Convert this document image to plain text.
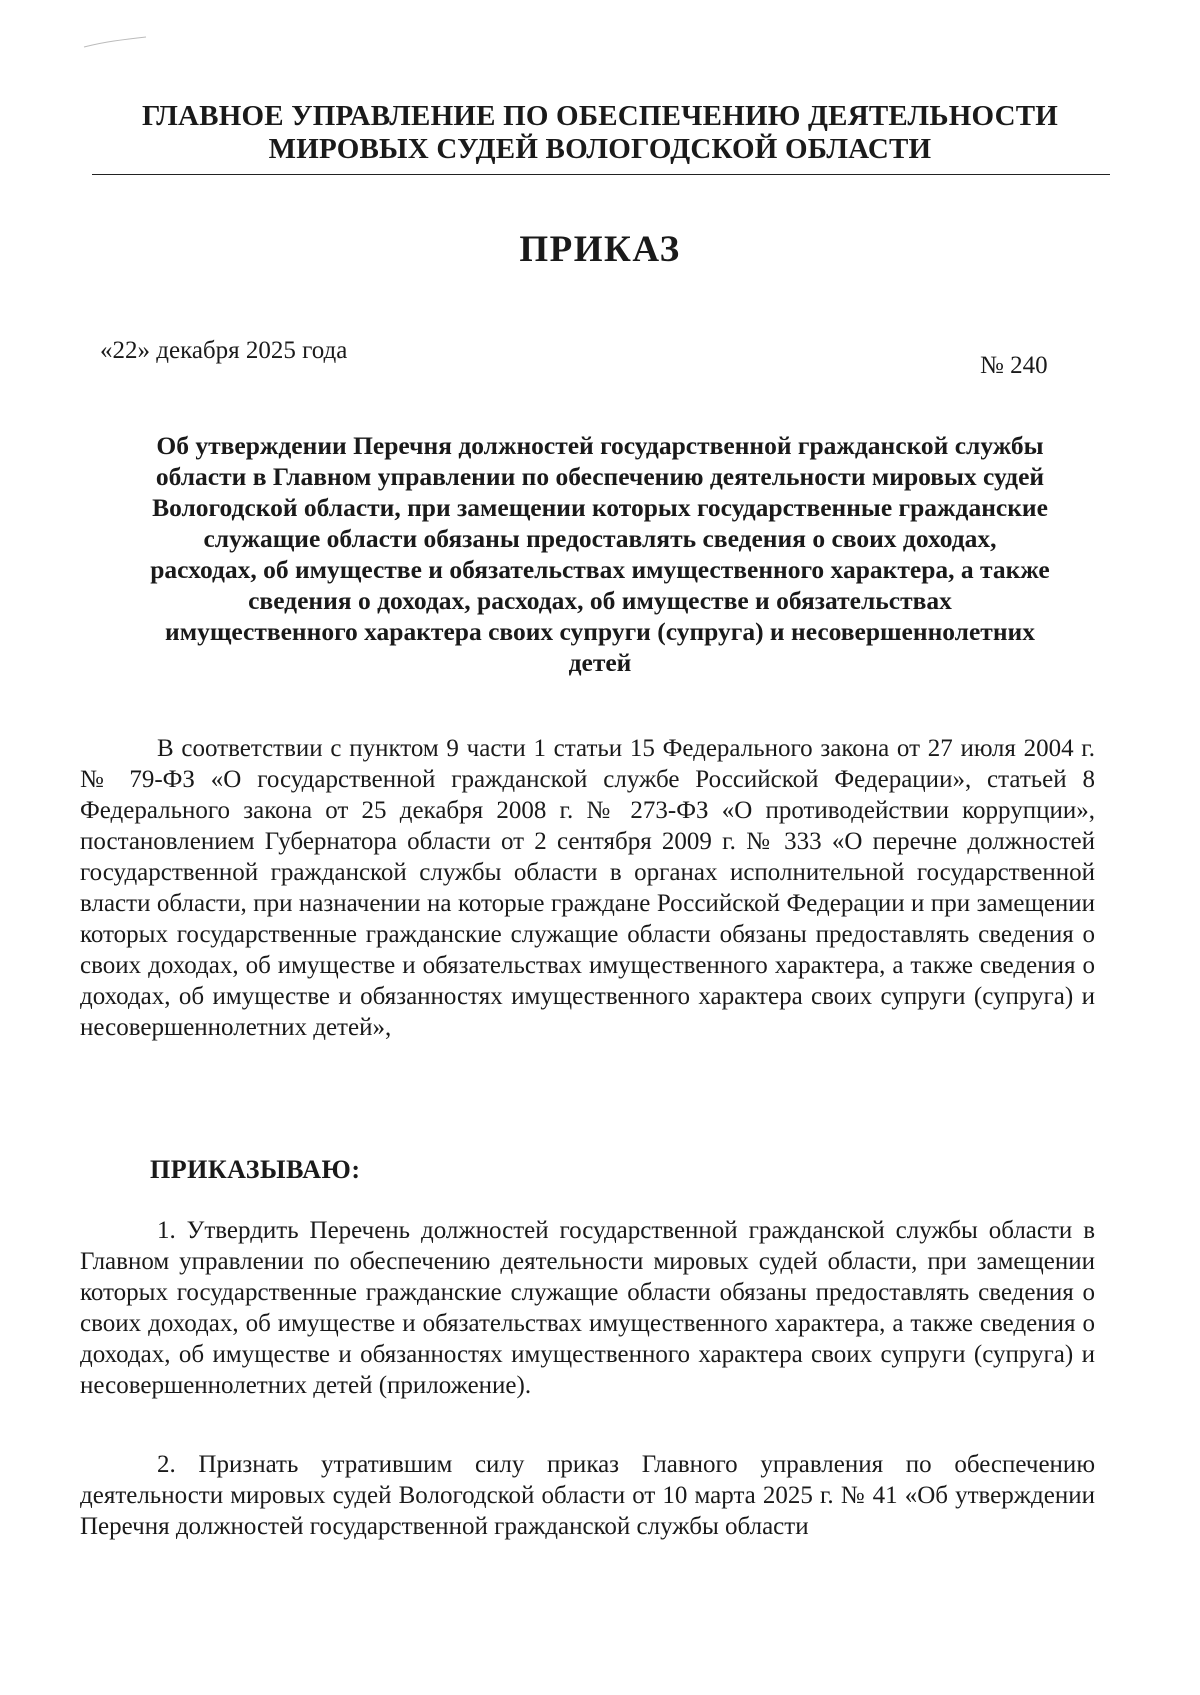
ГЛАВНОЕ УПРАВЛЕНИЕ ПО ОБЕСПЕЧЕНИЮ ДЕЯТЕЛЬНОСТИ
МИРОВЫХ СУДЕЙ ВОЛОГОДСКОЙ ОБЛАСТИ
ПРИКАЗ
«22» декабря 2025 года
№ 240
Об утверждении Перечня должностей государственной гражданской службы
области в Главном управлении по обеспечению деятельности мировых судей
Вологодской области, при замещении которых государственные гражданские
служащие области обязаны предоставлять сведения о своих доходах,
расходах, об имуществе и обязательствах имущественного характера, а также
сведения о доходах, расходах, об имуществе и обязательствах
имущественного характера своих супруги (супруга) и несовершеннолетних
детей
В соответствии с пунктом 9 части 1 статьи 15 Федерального закона от 27 июля 2004 г. № 79-ФЗ «О государственной гражданской службе Российской Федерации», статьей 8 Федерального закона от 25 декабря 2008 г. № 273-ФЗ «О противодействии коррупции», постановлением Губернатора области от 2 сентября 2009 г. № 333 «О перечне должностей государственной гражданской службы области в органах исполнительной государственной власти области, при назначении на которые граждане Российской Федерации и при замещении которых государственные гражданские служащие области обязаны предоставлять сведения о своих доходах, об имуществе и обязательствах имущественного характера, а также сведения о доходах, об имуществе и обязанностях имущественного характера своих супруги (супруга) и несовершеннолетних детей»,
ПРИКАЗЫВАЮ:
1. Утвердить Перечень должностей государственной гражданской службы области в Главном управлении по обеспечению деятельности мировых судей области, при замещении которых государственные гражданские служащие области обязаны предоставлять сведения о своих доходах, об имуществе и обязательствах имущественного характера, а также сведения о доходах, об имуществе и обязанностях имущественного характера своих супруги (супруга) и несовершеннолетних детей (приложение).
2. Признать утратившим силу приказ Главного управления по обеспечению деятельности мировых судей Вологодской области от 10 марта 2025 г. № 41 «Об утверждении Перечня должностей государственной гражданской службы области
